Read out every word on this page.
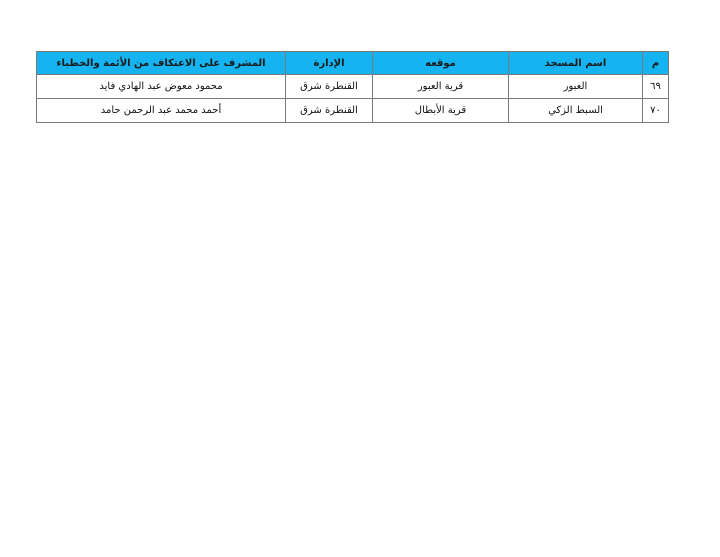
م	اسم المسجد	موقعه	الإدارة	المشرف على الاعتكاف من الأئمة والخطباء
٦٩	العبور	قرية العبور	القنطرة شرق	محمود معوض عبد الهادي فايد
٧٠	السبط الزكي	قرية الأبطال	القنطرة شرق	أحمد محمد عبد الرحمن حامد
